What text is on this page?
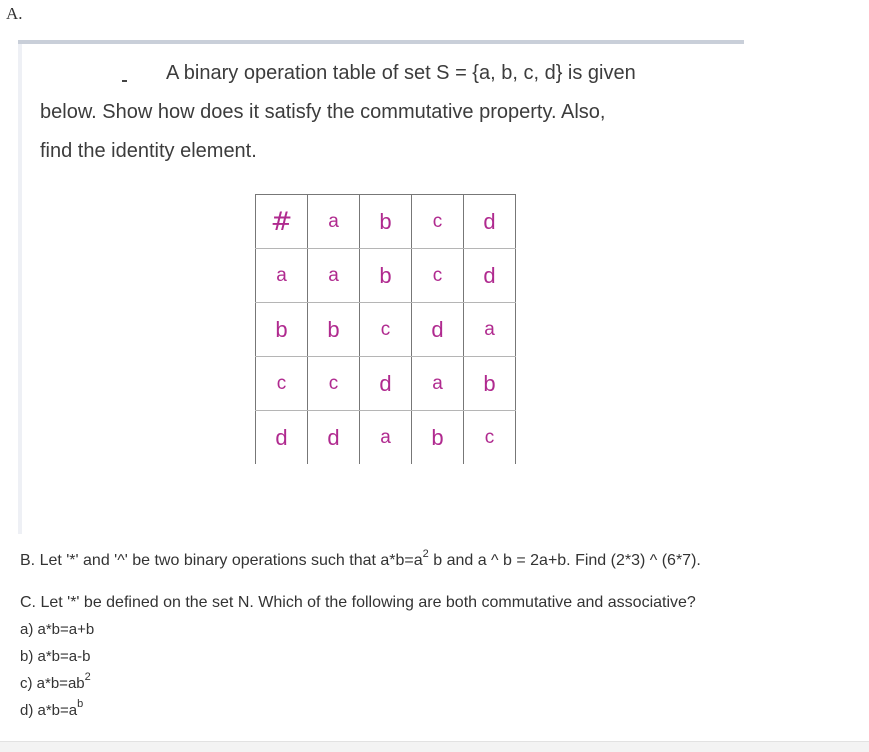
A.
A binary operation table of set S = {a, b, c, d} is given
below. Show how does it satisfy the commutative property. Also,
find the identity element.
#	a	b	c	d
a	a	b	c	d
b	b	c	d	a
c	c	d	a	b
d	d	a	b	c
B. Let '*' and '^' be two binary operations such that $a*b=a^2$ b and a ^ b = 2a+b. Find (2*3) ^ (6*7).
C. Let '*' be defined on the set N. Which of the following are both commutative and associative?
a) a*b=a+b
b) a*b=a-b
c) $a*b=ab^2$
d) $a*b=a^b$
